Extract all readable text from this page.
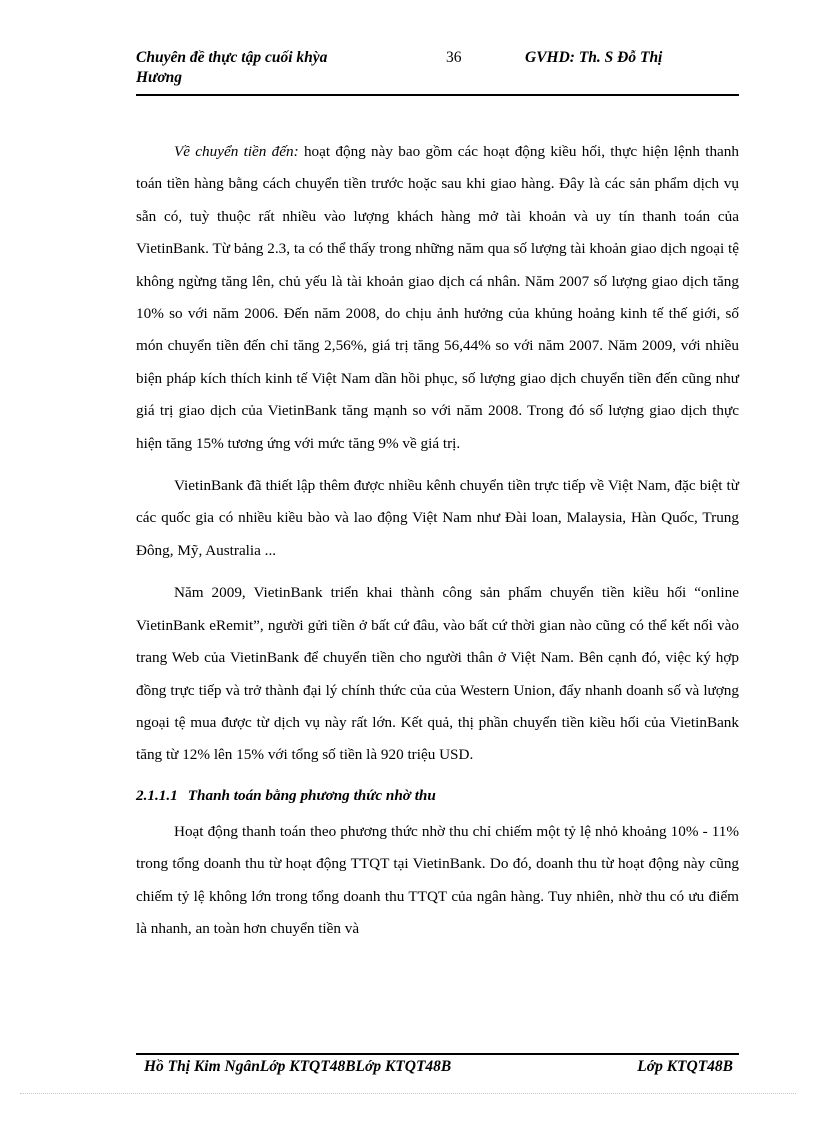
Chuyên đề thực tập cuối khỳa Hương
36	GVHD: Th. S Đỗ Thị

Về chuyển tiền đến: hoạt động này bao gồm các hoạt động kiều hối, thực hiện lệnh thanh toán tiền hàng bằng cách chuyển tiền trước hoặc sau khi giao hàng. Đây là các sản phẩm dịch vụ sẵn có, tuỳ thuộc rất nhiều vào lượng khách hàng mở tài khoản và uy tín thanh toán của VietinBank. Từ bảng 2.3, ta có thể thấy trong những năm qua số lượng tài khoản giao dịch ngoại tệ không ngừng tăng lên, chủ yếu là tài khoản giao dịch cá nhân. Năm 2007 số lượng giao dịch tăng 10% so với năm 2006. Đến năm 2008, do chịu ảnh hưởng của khủng hoảng kinh tế thế giới, số món chuyển tiền đến chỉ tăng 2,56%, giá trị tăng 56,44% so với năm 2007. Năm 2009, với nhiều biện pháp kích thích kinh tế Việt Nam dần hồi phục, số lượng giao dịch chuyển tiền đến cũng như giá trị giao dịch của VietinBank tăng mạnh so với năm 2008. Trong đó số lượng giao dịch thực hiện tăng 15% tương ứng với mức tăng 9% về giá trị.

VietinBank đã thiết lập thêm được nhiều kênh chuyển tiền trực tiếp về Việt Nam, đặc biệt từ các quốc gia có nhiều kiều bào và lao động Việt Nam như Đài loan, Malaysia, Hàn Quốc, Trung Đông, Mỹ, Australia ...

Năm 2009, VietinBank triển khai thành công sản phẩm chuyển tiền kiều hối “online VietinBank eRemit”, người gửi tiền ở bất cứ đâu, vào bất cứ thời gian nào cũng có thể kết nối vào trang Web của VietinBank để chuyển tiền cho người thân ở Việt Nam. Bên cạnh đó, việc ký hợp đồng trực tiếp và trở thành đại lý chính thức của của Western Union, đẩy nhanh doanh số và lượng ngoại tệ mua được từ dịch vụ này rất lớn. Kết quả, thị phần chuyển tiền kiều hối của VietinBank tăng từ 12% lên 15% với tổng số tiền là 920 triệu USD.

2.1.1.1 Thanh toán bằng phương thức nhờ thu

Hoạt động thanh toán theo phương thức nhờ thu chỉ chiếm một tỷ lệ nhỏ khoảng 10% - 11% trong tổng doanh thu từ hoạt động TTQT tại VietinBank. Do đó, doanh thu từ hoạt động này cũng chiếm tỷ lệ không lớn trong tổng doanh thu TTQT của ngân hàng. Tuy nhiên, nhờ thu có ưu điểm là nhanh, an toàn hơn chuyển tiền và

Hồ Thị Kim NgânLớp KTQT48BLớp KTQT48B	Lớp KTQT48B
